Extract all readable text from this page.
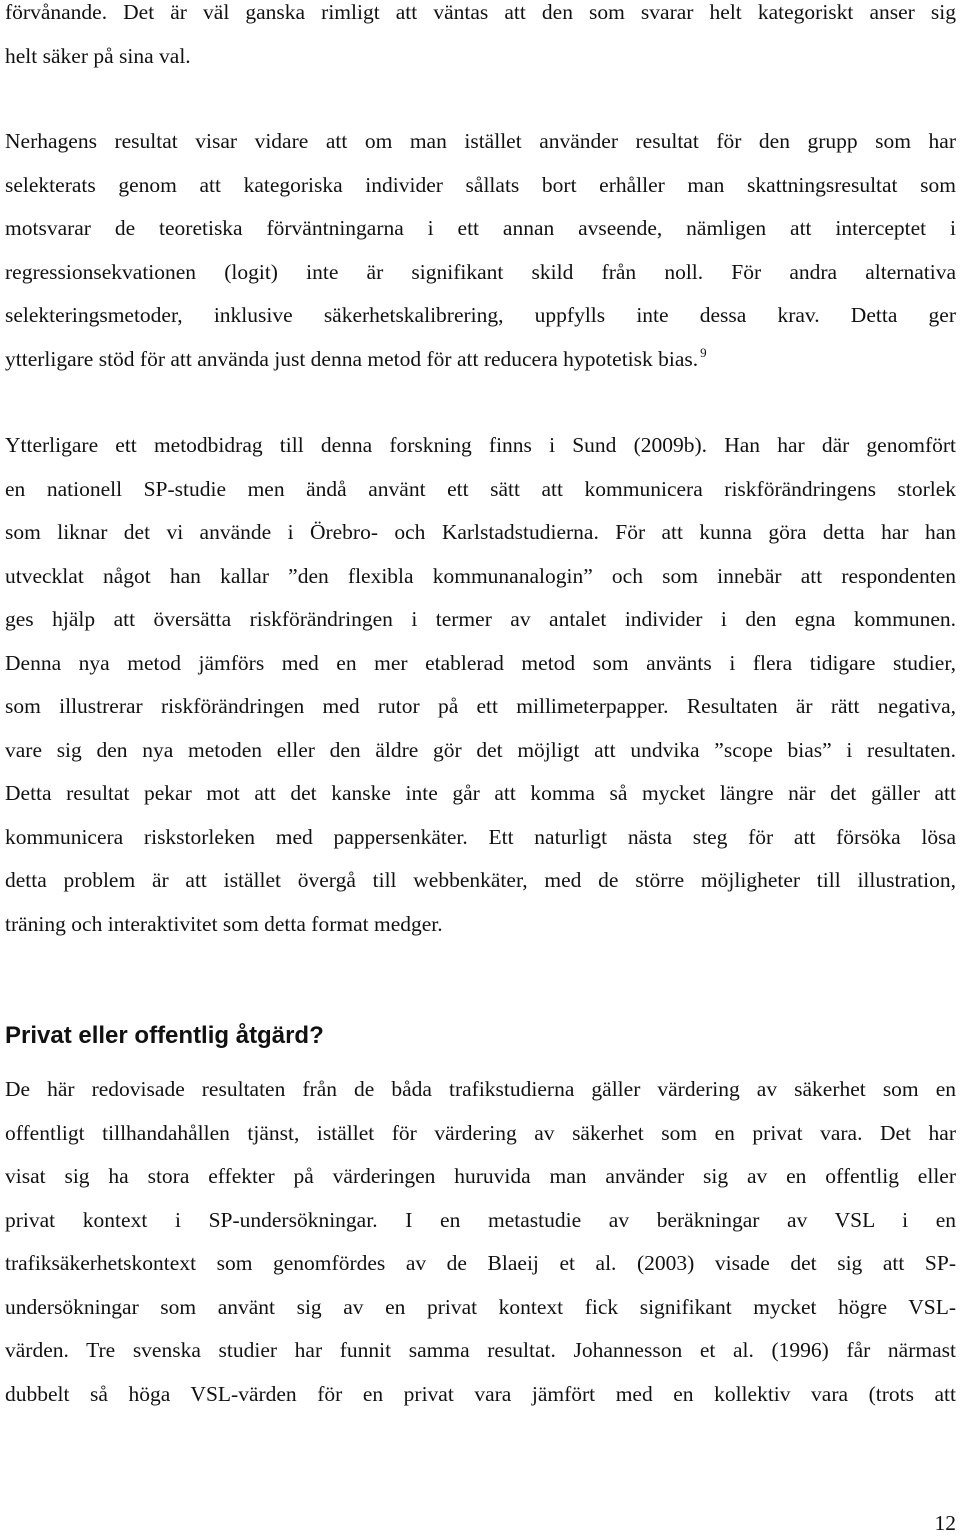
förvånande. Det är väl ganska rimligt att väntas att den som svarar helt kategoriskt anser sig
helt säker på sina val.
Nerhagens resultat visar vidare att om man istället använder resultat för den grupp som har
selekterats genom att kategoriska individer sållats bort erhåller man skattningsresultat som
motsvarar de teoretiska förväntningarna i ett annan avseende, nämligen att interceptet i
regressionsekvationen (logit) inte är signifikant skild från noll. För andra alternativa
selekteringsmetoder, inklusive säkerhetskalibrering, uppfylls inte dessa krav. Detta ger
ytterligare stöd för att använda just denna metod för att reducera hypotetisk bias. $^9$
Ytterligare ett metodbidrag till denna forskning finns i Sund (2009b). Han har där genomfört
en nationell SP-studie men ändå använt ett sätt att kommunicera riskförändringens storlek
som liknar det vi använde i Örebro- och Karlstadstudierna. För att kunna göra detta har han
utvecklat något han kallar ”den flexibla kommunanalogin” och som innebär att respondenten
ges hjälp att översätta riskförändringen i termer av antalet individer i den egna kommunen.
Denna nya metod jämförs med en mer etablerad metod som använts i flera tidigare studier,
som illustrerar riskförändringen med rutor på ett millimeterpapper. Resultaten är rätt negativa,
vare sig den nya metoden eller den äldre gör det möjligt att undvika ”scope bias” i resultaten.
Detta resultat pekar mot att det kanske inte går att komma så mycket längre när det gäller att
kommunicera riskstorleken med pappersenkäter. Ett naturligt nästa steg för att försöka lösa
detta problem är att istället övergå till webbenkäter, med de större möjligheter till illustration,
träning och interaktivitet som detta format medger.
Privat eller offentlig åtgärd?
De här redovisade resultaten från de båda trafikstudierna gäller värdering av säkerhet som en
offentligt tillhandahållen tjänst, istället för värdering av säkerhet som en privat vara. Det har
visat sig ha stora effekter på värderingen huruvida man använder sig av en offentlig eller
privat kontext i SP-undersökningar. I en metastudie av beräkningar av VSL i en
trafiksäkerhetskontext som genomfördes av de Blaeij et al. (2003) visade det sig att SP-
undersökningar som använt sig av en privat kontext fick signifikant mycket högre VSL-
värden. Tre svenska studier har funnit samma resultat. Johannesson et al. (1996) får närmast
dubbelt så höga VSL-värden för en privat vara jämfört med en kollektiv vara (trots att
12
